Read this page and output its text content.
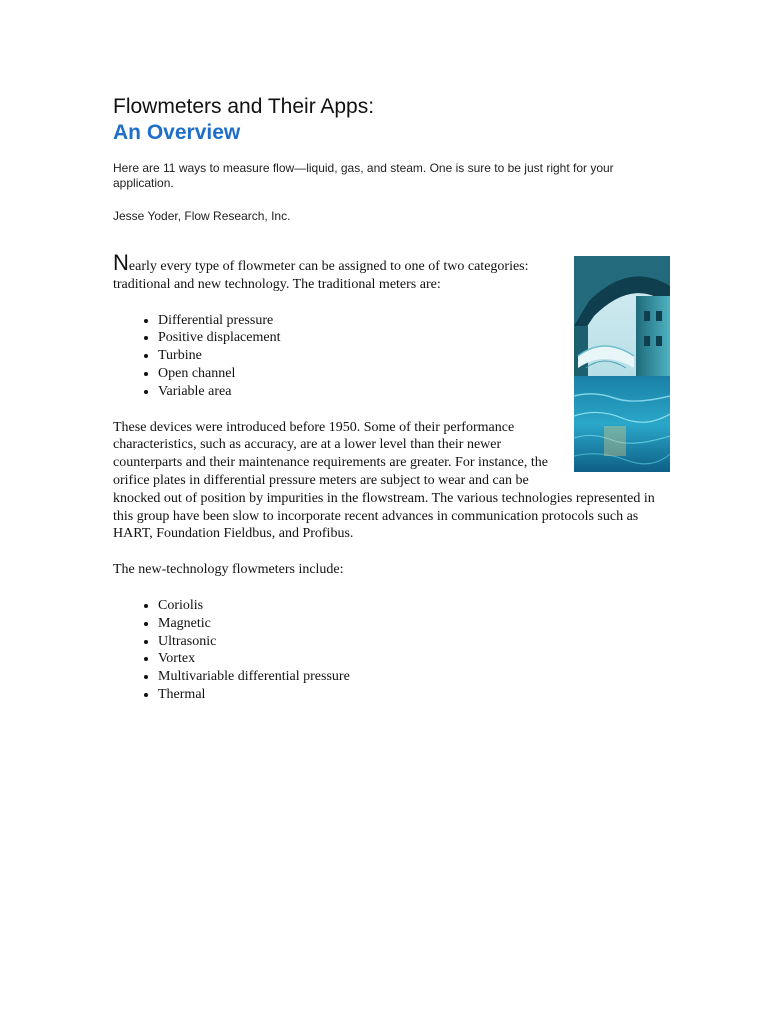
Flowmeters and Their Apps:
An Overview

Here are 11 ways to measure flow—liquid, gas, and steam. One is sure to be just right for your application.

Jesse Yoder, Flow Research, Inc.

Nearly every type of flowmeter can be assigned to one of two categories: traditional and new technology. The traditional meters are:

• Differential pressure
• Positive displacement
• Turbine
• Open channel
• Variable area

These devices were introduced before 1950. Some of their performance characteristics, such as accuracy, are at a lower level than their newer counterparts and their maintenance requirements are greater. For instance, the orifice plates in differential pressure meters are subject to wear and can be knocked out of position by impurities in the flowstream. The various technologies represented in this group have been slow to incorporate recent advances in communication protocols such as HART, Foundation Fieldbus, and Profibus.

The new-technology flowmeters include:

• Coriolis
• Magnetic
• Ultrasonic
• Vortex
• Multivariable differential pressure
• Thermal
